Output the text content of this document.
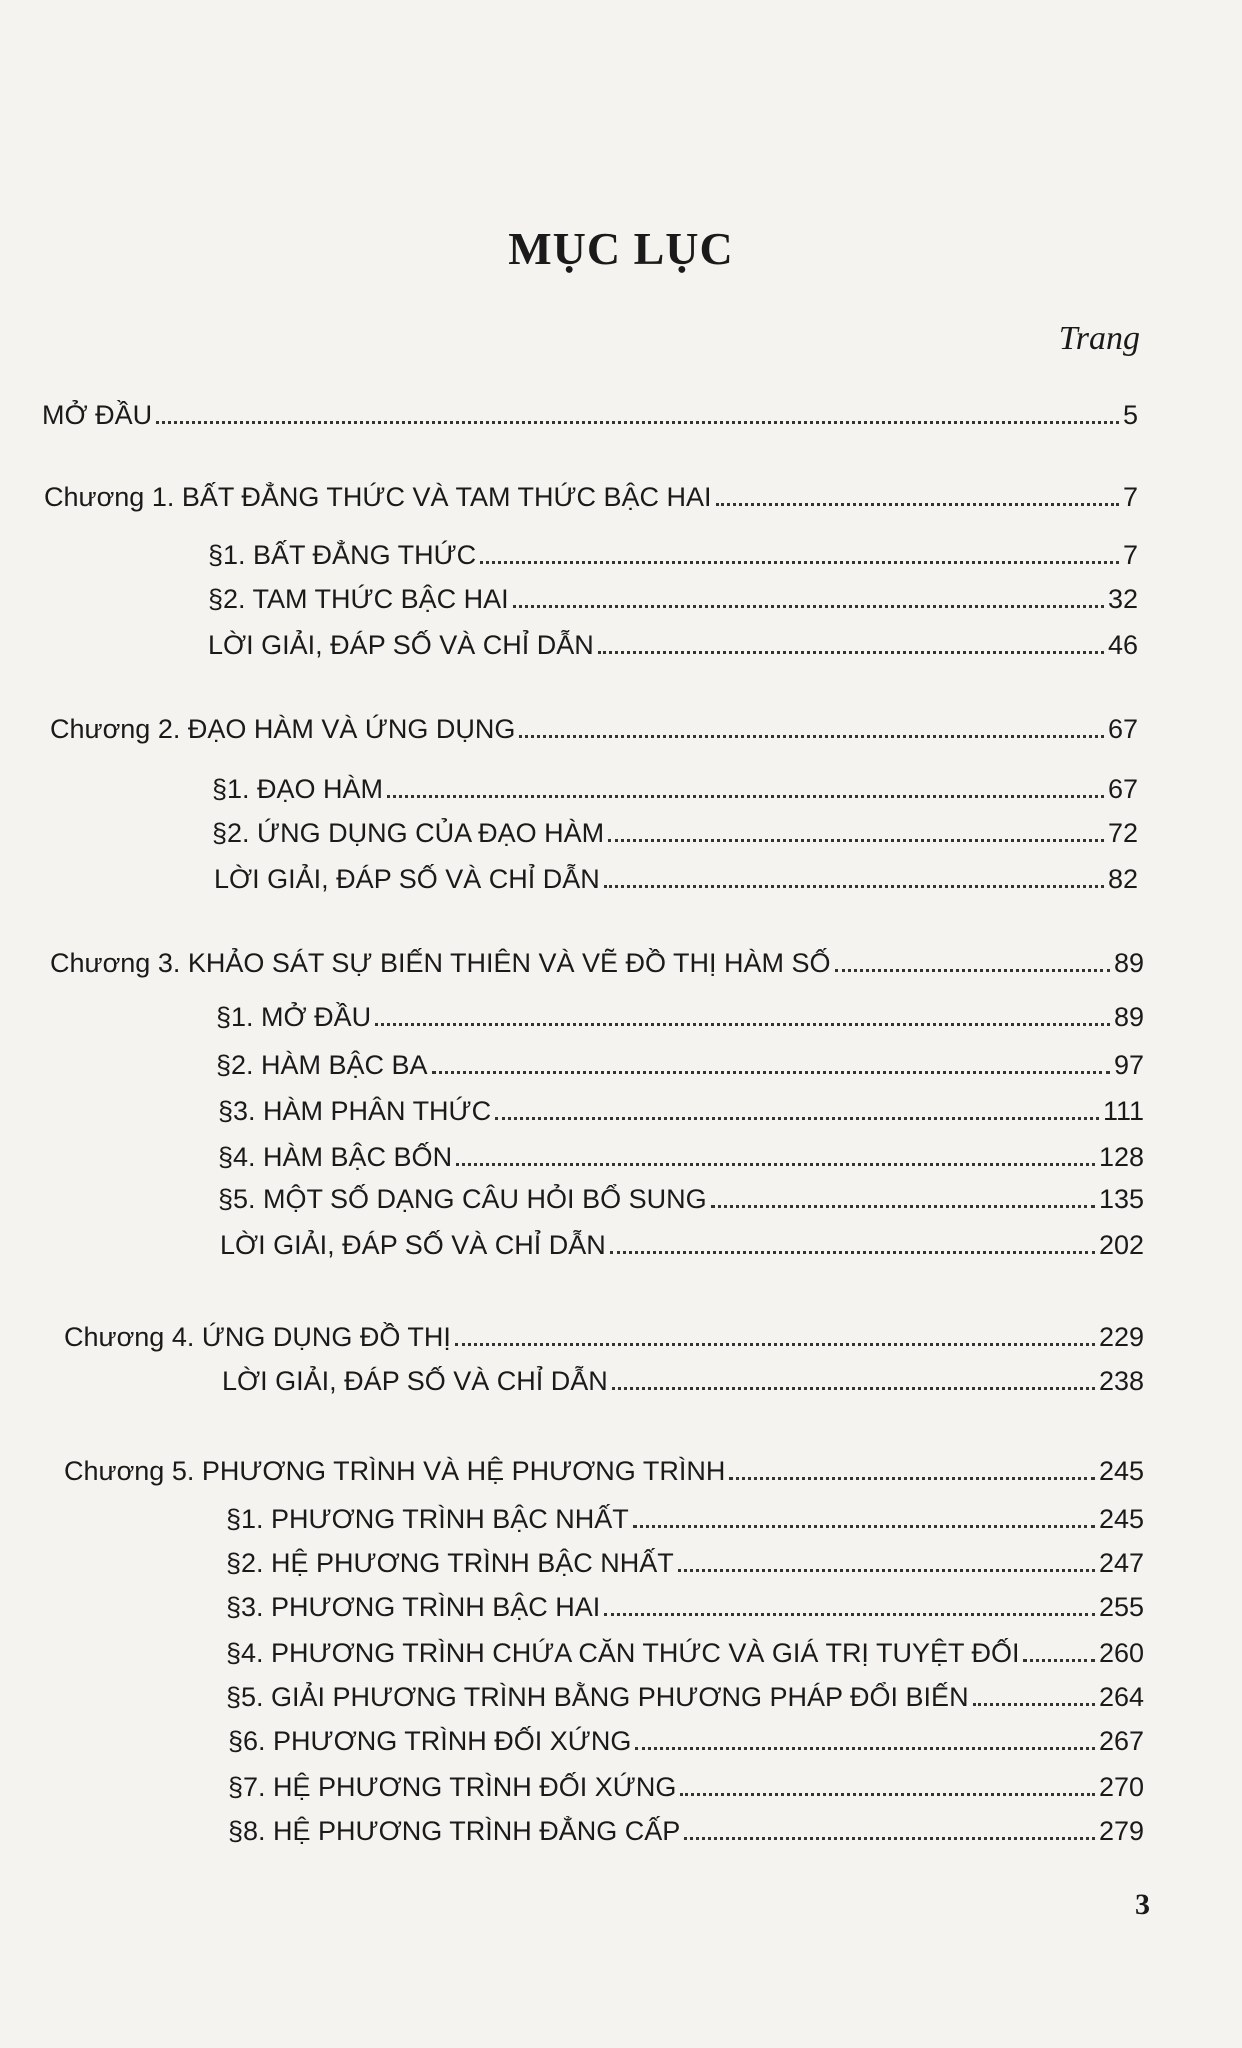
MỤC LỤC
Trang
MỞ ĐẦU	5
Chương 1. BẤT ĐẲNG THỨC VÀ TAM THỨC BẬC HAI	7
§1. BẤT ĐẲNG THỨC	7
§2. TAM THỨC BẬC HAI	32
LỜI GIẢI, ĐÁP SỐ VÀ CHỈ DẪN	46
Chương 2. ĐẠO HÀM VÀ ỨNG DỤNG	67
§1. ĐẠO HÀM	67
§2. ỨNG DỤNG CỦA ĐẠO HÀM	72
LỜI GIẢI, ĐÁP SỐ VÀ CHỈ DẪN	82
Chương 3. KHẢO SÁT SỰ BIẾN THIÊN VÀ VẼ ĐỒ THỊ HÀM SỐ	89
§1. MỞ ĐẦU	89
§2. HÀM BẬC BA	97
§3. HÀM PHÂN THỨC	111
§4. HÀM BẬC BỐN	128
§5. MỘT SỐ DẠNG CÂU HỎI BỔ SUNG	135
LỜI GIẢI, ĐÁP SỐ VÀ CHỈ DẪN	202
Chương 4. ỨNG DỤNG ĐỒ THỊ	229
LỜI GIẢI, ĐÁP SỐ VÀ CHỈ DẪN	238
Chương 5. PHƯƠNG TRÌNH VÀ HỆ PHƯƠNG TRÌNH	245
§1. PHƯƠNG TRÌNH BẬC NHẤT	245
§2. HỆ PHƯƠNG TRÌNH BẬC NHẤT	247
§3. PHƯƠNG TRÌNH BẬC HAI	255
§4. PHƯƠNG TRÌNH CHỨA CĂN THỨC VÀ GIÁ TRỊ TUYỆT ĐỐI	260
§5. GIẢI PHƯƠNG TRÌNH BẰNG PHƯƠNG PHÁP ĐỔI BIẾN	264
§6. PHƯƠNG TRÌNH ĐỐI XỨNG	267
§7. HỆ PHƯƠNG TRÌNH ĐỐI XỨNG	270
§8. HỆ PHƯƠNG TRÌNH ĐẲNG CẤP	279
3
